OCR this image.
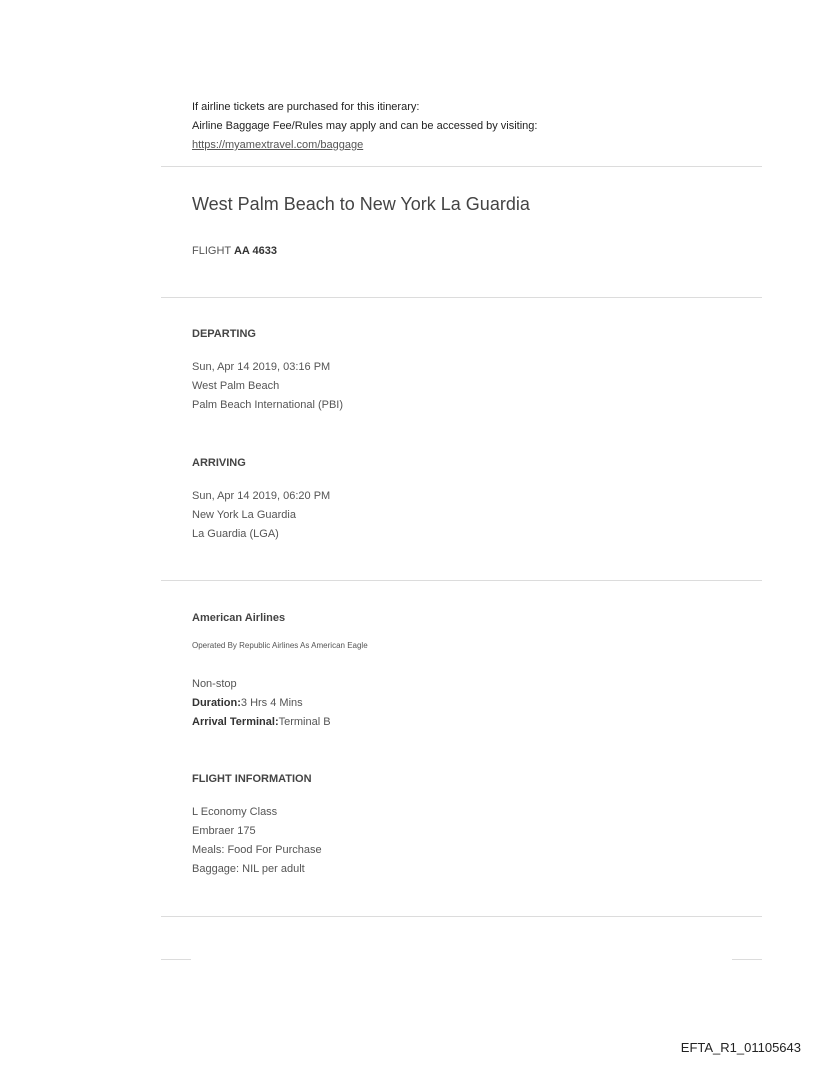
If airline tickets are purchased for this itinerary:
Airline Baggage Fee/Rules may apply and can be accessed by visiting:
https://myamextravel.com/baggage
West Palm Beach to New York La Guardia
FLIGHT AA 4633
DEPARTING
Sun, Apr 14 2019, 03:16 PM
West Palm Beach
Palm Beach International (PBI)
ARRIVING
Sun, Apr 14 2019, 06:20 PM
New York La Guardia
La Guardia (LGA)
American Airlines
Operated By Republic Airlines As American Eagle
Non-stop
Duration:3 Hrs 4 Mins
Arrival Terminal:Terminal B
FLIGHT INFORMATION
L Economy Class
Embraer 175
Meals: Food For Purchase
Baggage: NIL per adult
EFTA_R1_01105643
